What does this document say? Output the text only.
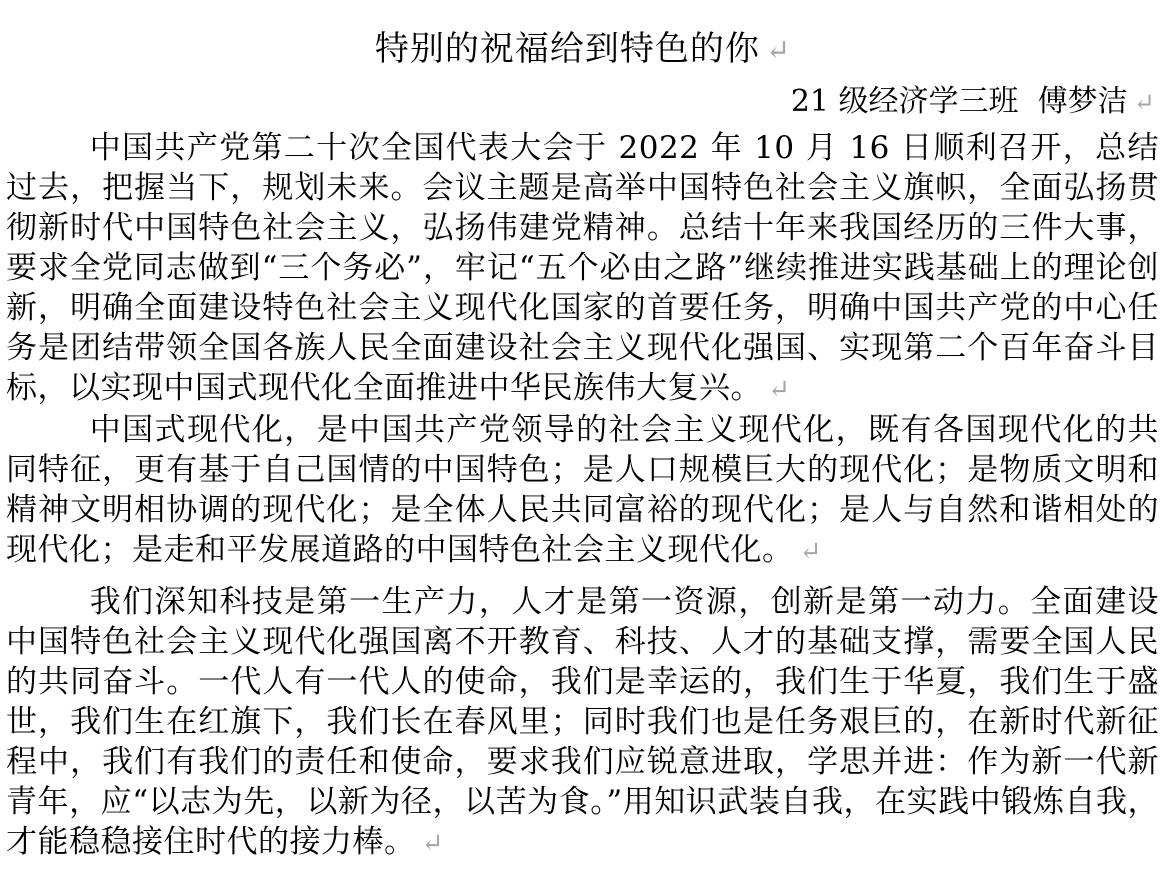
特别的祝福给到特色的你 ↵
21 级经济学三班  傅梦洁 ↵

中国共产党第二十次全国代表大会于 2022 年 10 月 16 日顺利召开，总结过去，把握当下，规划未来。会议主题是高举中国特色社会主义旗帜，全面弘扬贯彻新时代中国特色社会主义，弘扬伟建党精神。总结十年来我国经历的三件大事，要求全党同志做到“三个务必”，牢记“五个必由之路”继续推进实践基础上的理论创新，明确全面建设特色社会主义现代化国家的首要任务，明确中国共产党的中心任务是团结带领全国各族人民全面建设社会主义现代化强国、实现第二个百年奋斗目标，以实现中国式现代化全面推进中华民族伟大复兴。 ↵

中国式现代化，是中国共产党领导的社会主义现代化，既有各国现代化的共同特征，更有基于自己国情的中国特色；是人口规模巨大的现代化；是物质文明和精神文明相协调的现代化；是全体人民共同富裕的现代化；是人与自然和谐相处的现代化；是走和平发展道路的中国特色社会主义现代化。 ↵

我们深知科技是第一生产力，人才是第一资源，创新是第一动力。全面建设中国特色社会主义现代化强国离不开教育、科技、人才的基础支撑，需要全国人民的共同奋斗。一代人有一代人的使命，我们是幸运的，我们生于华夏，我们生于盛世，我们生在红旗下，我们长在春风里；同时我们也是任务艰巨的，在新时代新征程中，我们有我们的责任和使命，要求我们应锐意进取，学思并进：作为新一代新青年，应“以志为先，以新为径，以苦为食。”用知识武装自我，在实践中锻炼自我，才能稳稳接住时代的接力棒。 ↵
